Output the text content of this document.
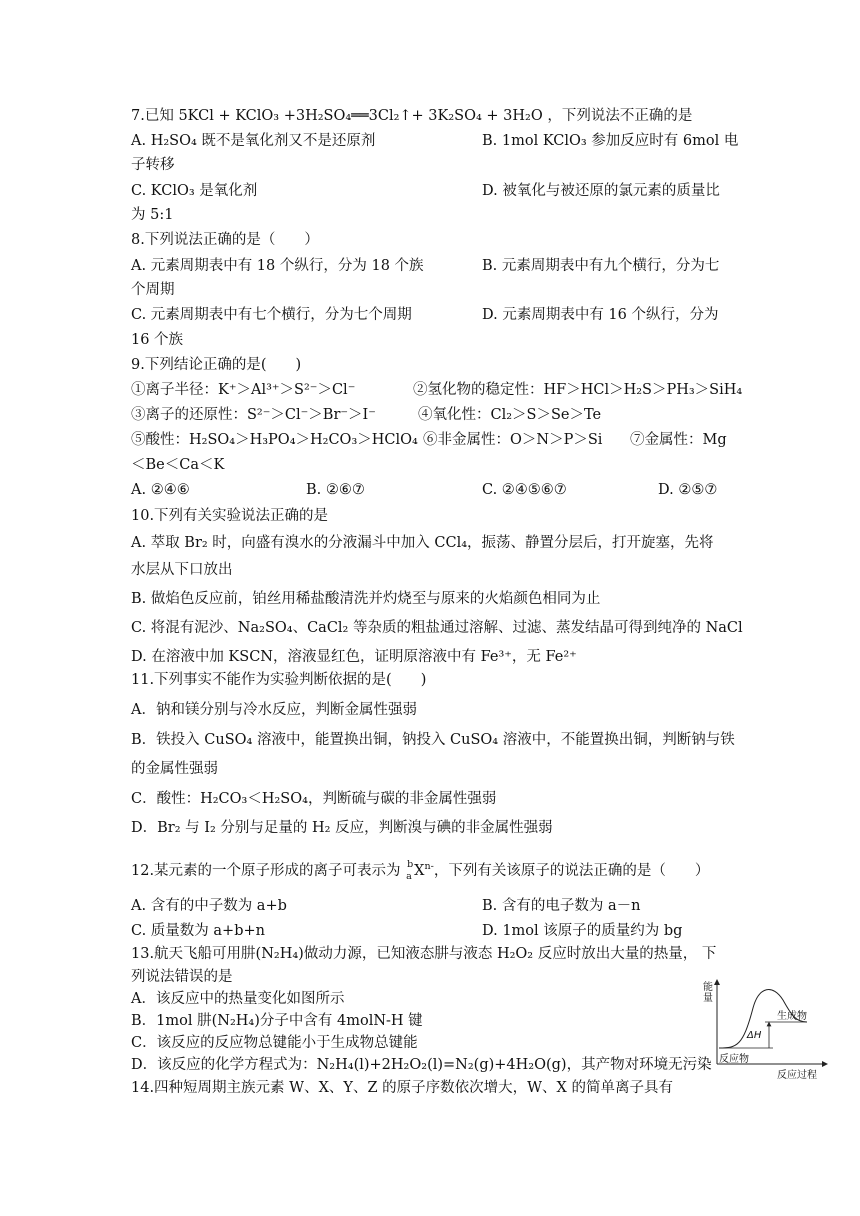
7.已知 5KCl + KClO₃ +3H₂SO₄══3Cl₂↑+ 3K₂SO₄ + 3H₂O ，下列说法不正确的是
A. H₂SO₄ 既不是氧化剂又不是还原剂	B. 1mol KClO₃ 参加反应时有 6mol 电
子转移
C. KClO₃ 是氧化剂	D. 被氧化与被还原的氯元素的质量比
为 5:1
8.下列说法正确的是（　　）
A. 元素周期表中有 18 个纵行，分为 18 个族	B. 元素周期表中有九个横行，分为七
个周期
C. 元素周期表中有七个横行，分为七个周期	D. 元素周期表中有 16 个纵行，分为
16 个族
9.下列结论正确的是(　　)
①离子半径：K⁺＞Al³⁺＞S²⁻＞Cl⁻	②氢化物的稳定性：HF＞HCl＞H₂S＞PH₃＞SiH₄
③离子的还原性：S²⁻＞Cl⁻＞Br⁻＞I⁻	④氧化性：Cl₂＞S＞Se＞Te
⑤酸性：H₂SO₄＞H₃PO₄＞H₂CO₃＞HClO₄ ⑥非金属性：O＞N＞P＞Si ⑦金属性：Mg
＜Be＜Ca＜K
A. ②④⑥	B. ②⑥⑦	C. ②④⑤⑥⑦	D. ②⑤⑦
10.下列有关实验说法正确的是
A. 萃取 Br₂ 时，向盛有溴水的分液漏斗中加入 CCl₄，振荡、静置分层后，打开旋塞，先将
水层从下口放出
B. 做焰色反应前，铂丝用稀盐酸清洗并灼烧至与原来的火焰颜色相同为止
C. 将混有泥沙、Na₂SO₄、CaCl₂ 等杂质的粗盐通过溶解、过滤、蒸发结晶可得到纯净的 NaCl
D. 在溶液中加 KSCN，溶液显红色，证明原溶液中有 Fe³⁺，无 Fe²⁺
11.下列事实不能作为实验判断依据的是(　　)
A．钠和镁分别与冷水反应，判断金属性强弱
B．铁投入 CuSO₄ 溶液中，能置换出铜，钠投入 CuSO₄ 溶液中，不能置换出铜，判断钠与铁
的金属性强弱
C．酸性：H₂CO₃＜H₂SO₄，判断硫与碳的非金属性强弱
D．Br₂ 与 I₂ 分别与足量的 H₂ 反应，判断溴与碘的非金属性强弱
12.某元素的一个原子形成的离子可表示为 b
a $X^{n-}$，下列有关该原子的说法正确的是（　　）
A. 含有的中子数为 a+b	B. 含有的电子数为 a－n
C. 质量数为 a+b+n	D. 1mol 该原子的质量约为 bg
13.航天飞船可用肼(N₂H₄)做动力源，已知液态肼与液态 H₂O₂ 反应时放出大量的热量， 下
列说法错误的是
A．该反应中的热量变化如图所示
B．1mol 肼(N₂H₄)分子中含有 4molN-H 键
C．该反应的反应物总键能小于生成物总键能
D．该反应的化学方程式为：N₂H₄(l)+2H₂O₂(l)=N₂(g)+4H₂O(g)，其产物对环境无污染
14.四种短周期主族元素 W、X、Y、Z 的原子序数依次增大，W、X 的简单离子具有
能量
反应过程
生成物
反应物
ΔH
